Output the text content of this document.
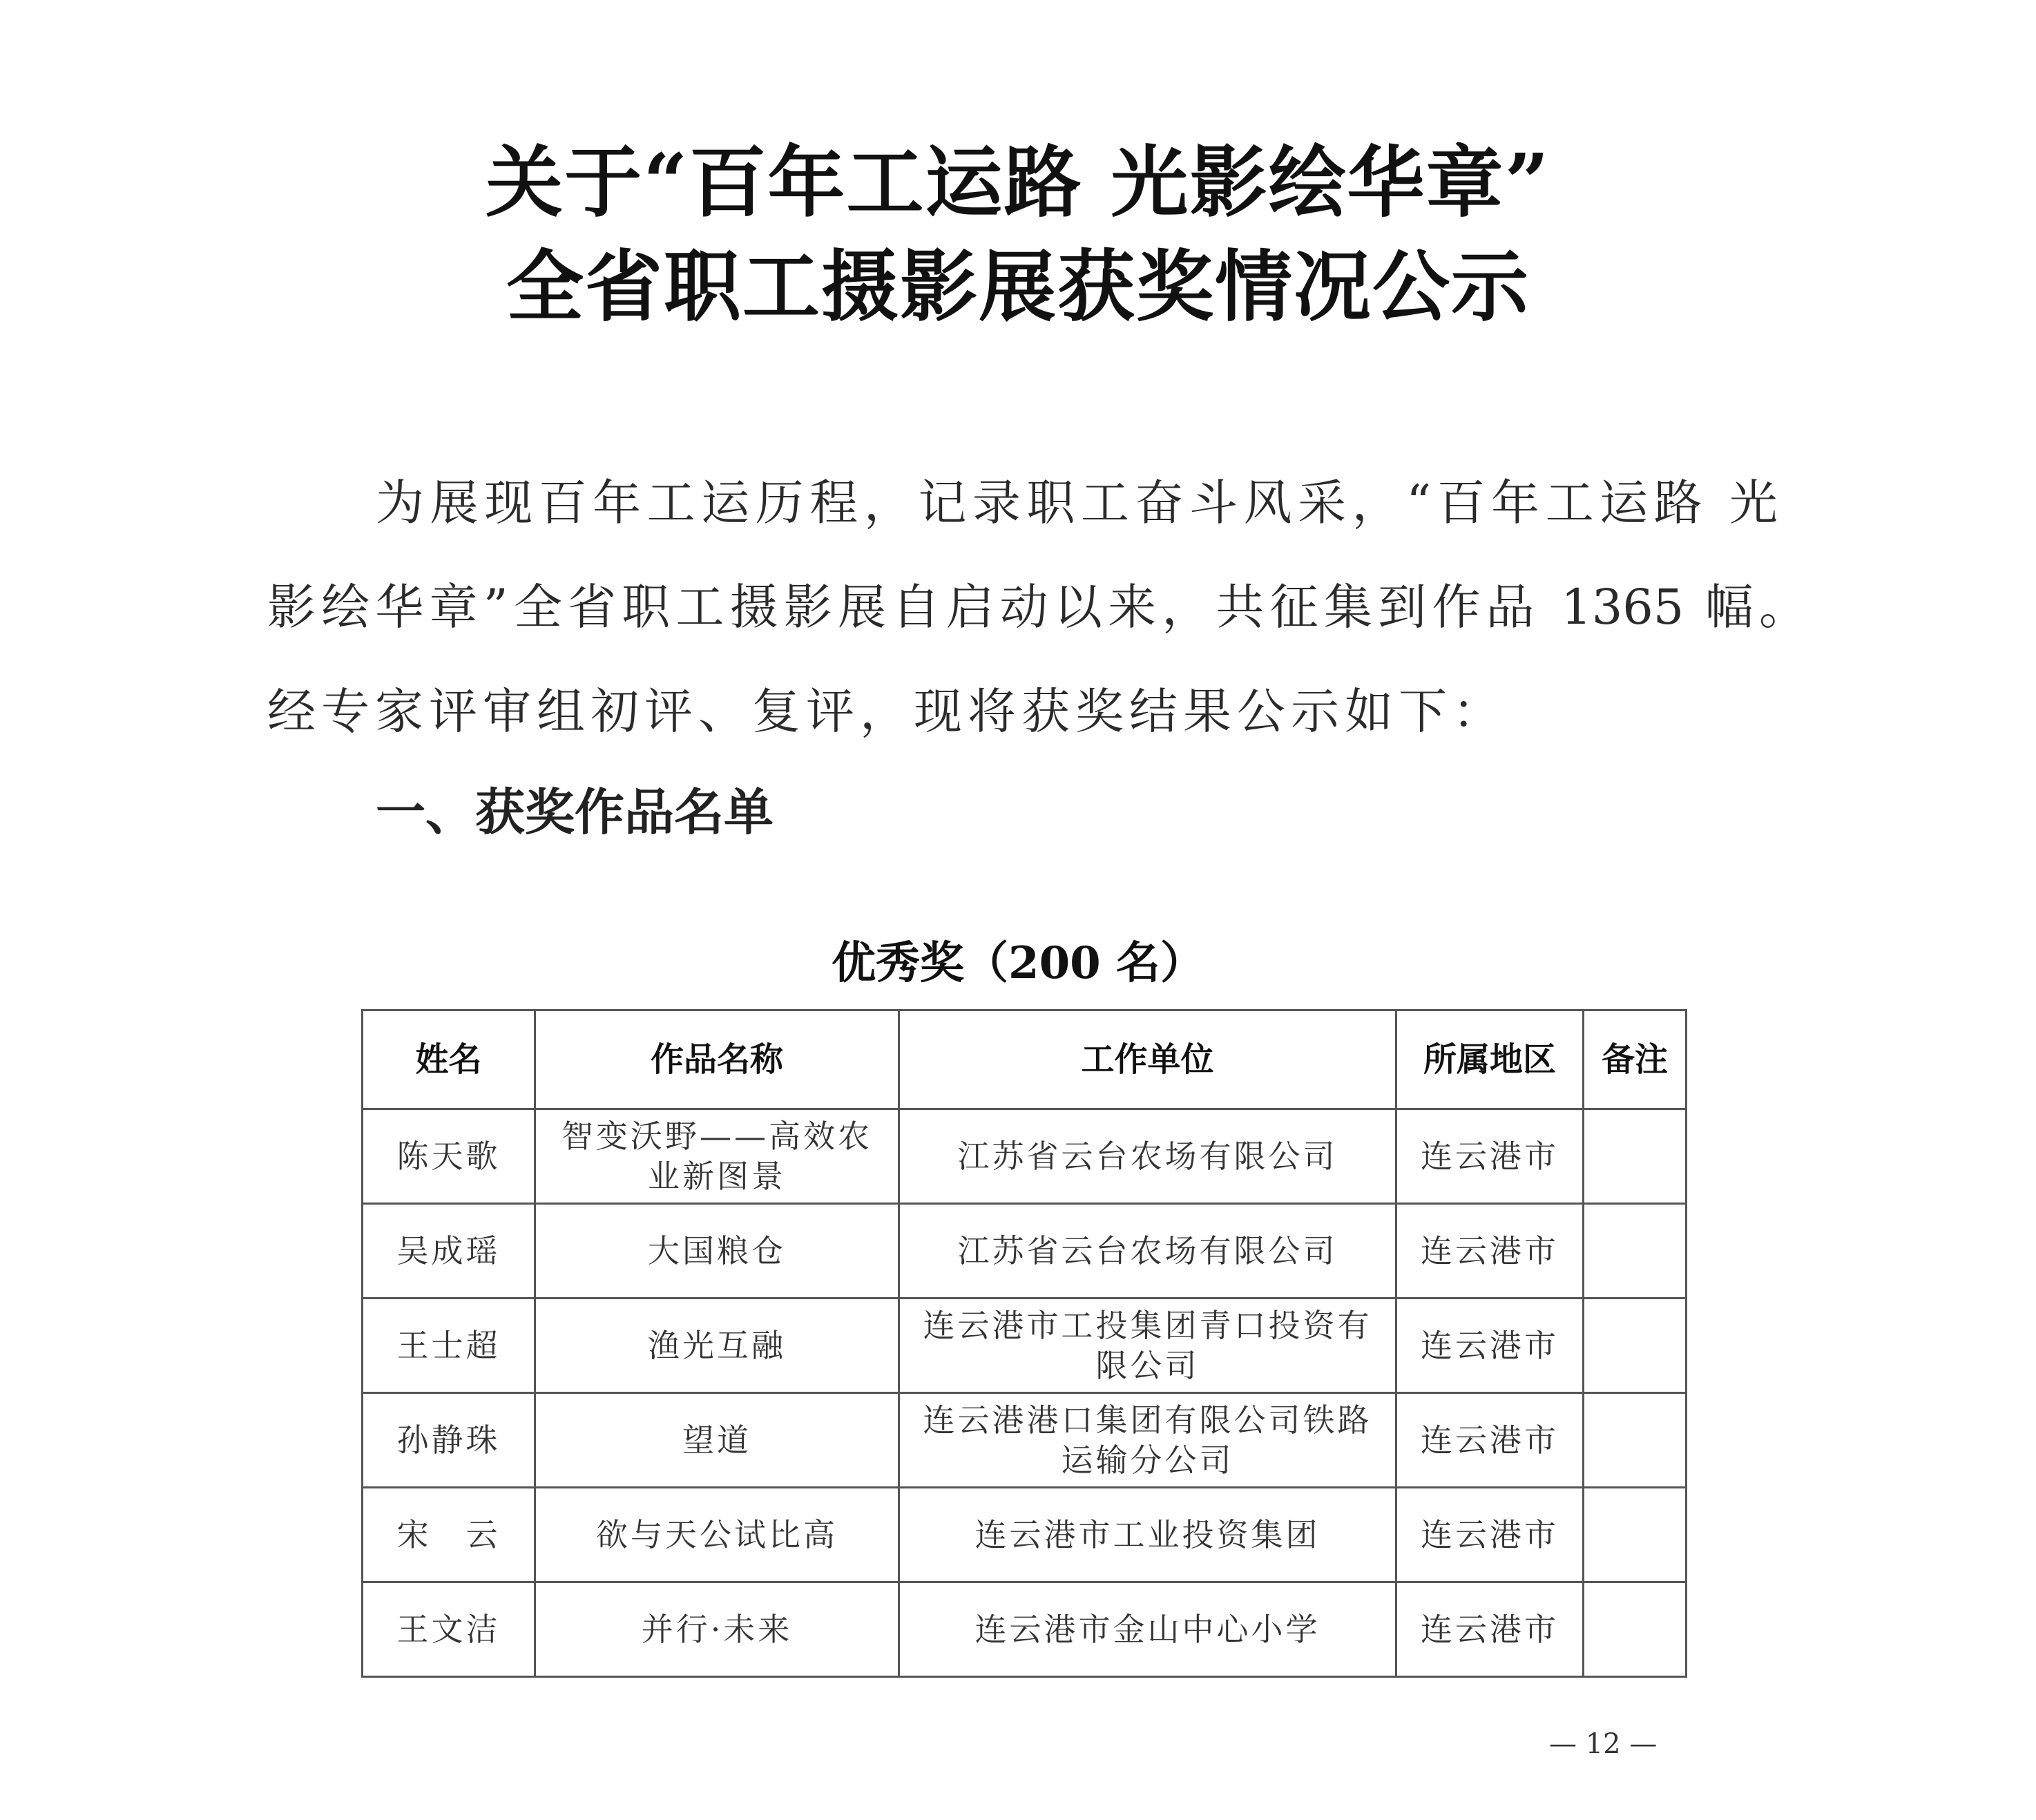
关于“百年工运路 光影绘华章”
全省职工摄影展获奖情况公示
为展现百年工运历程，记录职工奋斗风采，“百年工运路 光
影绘华章”全省职工摄影展自启动以来，共征集到作品 1365 幅。
经专家评审组初评、复评，现将获奖结果公示如下：
一、获奖作品名单
优秀奖（200 名）
姓名	作品名称	工作单位	所属地区	备注
陈天歌	智变沃野——高效农业新图景	江苏省云台农场有限公司	连云港市	
吴成瑶	大国粮仓	江苏省云台农场有限公司	连云港市	
王士超	渔光互融	连云港市工投集团青口投资有限公司	连云港市	
孙静珠	望道	连云港港口集团有限公司铁路运输分公司	连云港市	
宋　云	欲与天公试比高	连云港市工业投资集团	连云港市	
王文洁	并行·未来	连云港市金山中心小学	连云港市	
— 12 —
